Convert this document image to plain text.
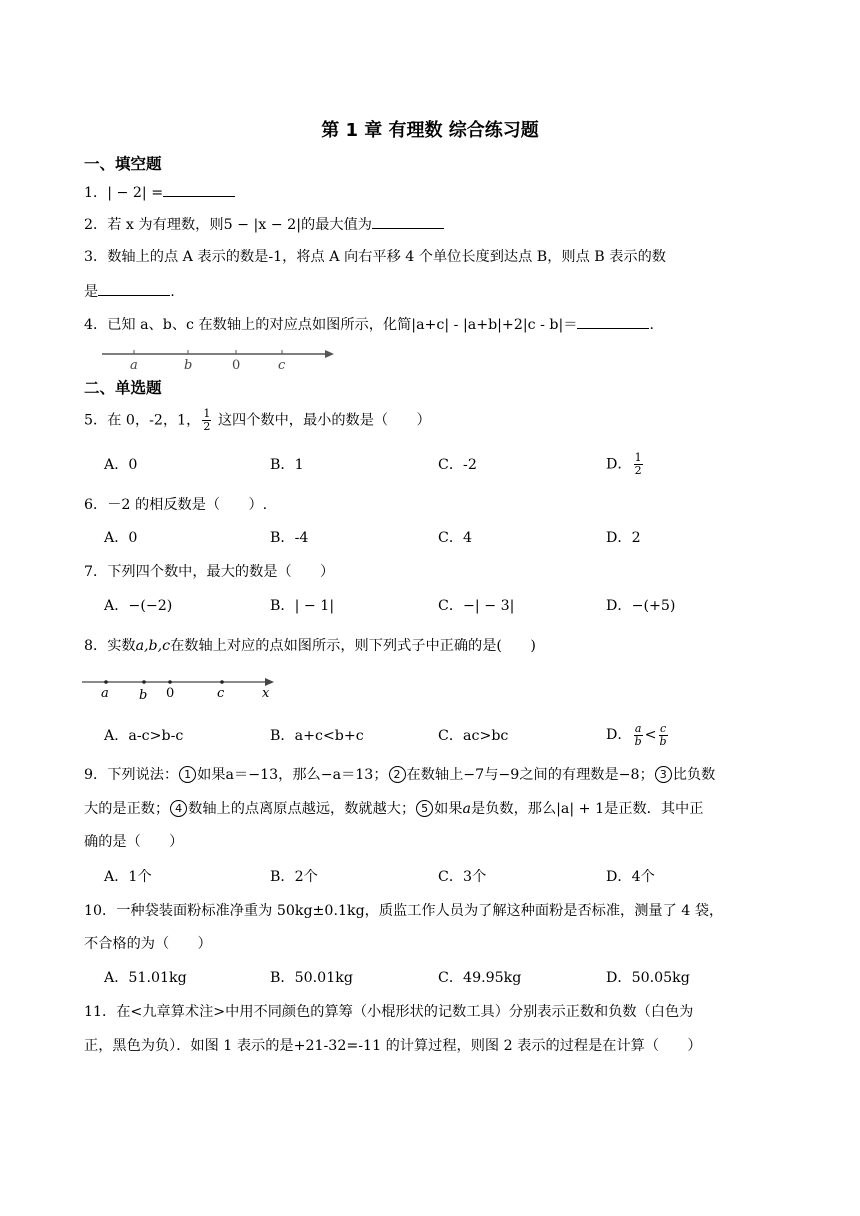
第 1 章 有理数 综合练习题
一、填空题
1．| − 2| =
2．若 x 为有理数，则5 − |x − 2|的最大值为
3．数轴上的点 A 表示的数是-1，将点 A 向右平移 4 个单位长度到达点 B，则点 B 表示的数
是	.
4．已知 a、b、c 在数轴上的对应点如图所示，化简|a+c| - |a+b|+2|c - b|＝	.
a	b	0	c
二、单选题
5．在 0，-2，1， $\frac{1}{2}$ 这四个数中，最小的数是（　　）
A．0	B．1	C．-2	D． $\frac{1}{2}$
6．－2 的相反数是（　　）.
A．0	B．-4	C．4	D．2
7．下列四个数中，最大的数是（　　）
A．−(−2)	B．| − 1|	C．−| − 3|	D．−(+5)
8．实数a,b,c在数轴上对应的点如图所示，则下列式子中正确的是(　　)
a b 0	c	x
A．a-c>b-c	B．a+c<b+c	C．ac>bc	D． $\frac{a}{b} < \frac{c}{b}$
9．下列说法： 1 如果a＝−13，那么−a＝13； 2 在数轴上−7与−9之间的有理数是−8； 3 比负数
大的是正数； 4 数轴上的点离原点越远，数就越大； 5 如果a是负数，那么|a| + 1是正数．其中正
确的是（　　）
A．1个	B．2个	C．3个	D．4个
10．一种袋装面粉标准净重为 50kg±0.1kg，质监工作人员为了解这种面粉是否标准，测量了 4 袋，
不合格的为（　　）
A．51.01kg	B．50.01kg	C．49.95kg	D．50.05kg
11．在<九章算术注>中用不同颜色的算筹（小棍形状的记数工具）分别表示正数和负数（白色为
正，黑色为负）．如图 1 表示的是+21-32=-11 的计算过程，则图 2 表示的过程是在计算（　　）
